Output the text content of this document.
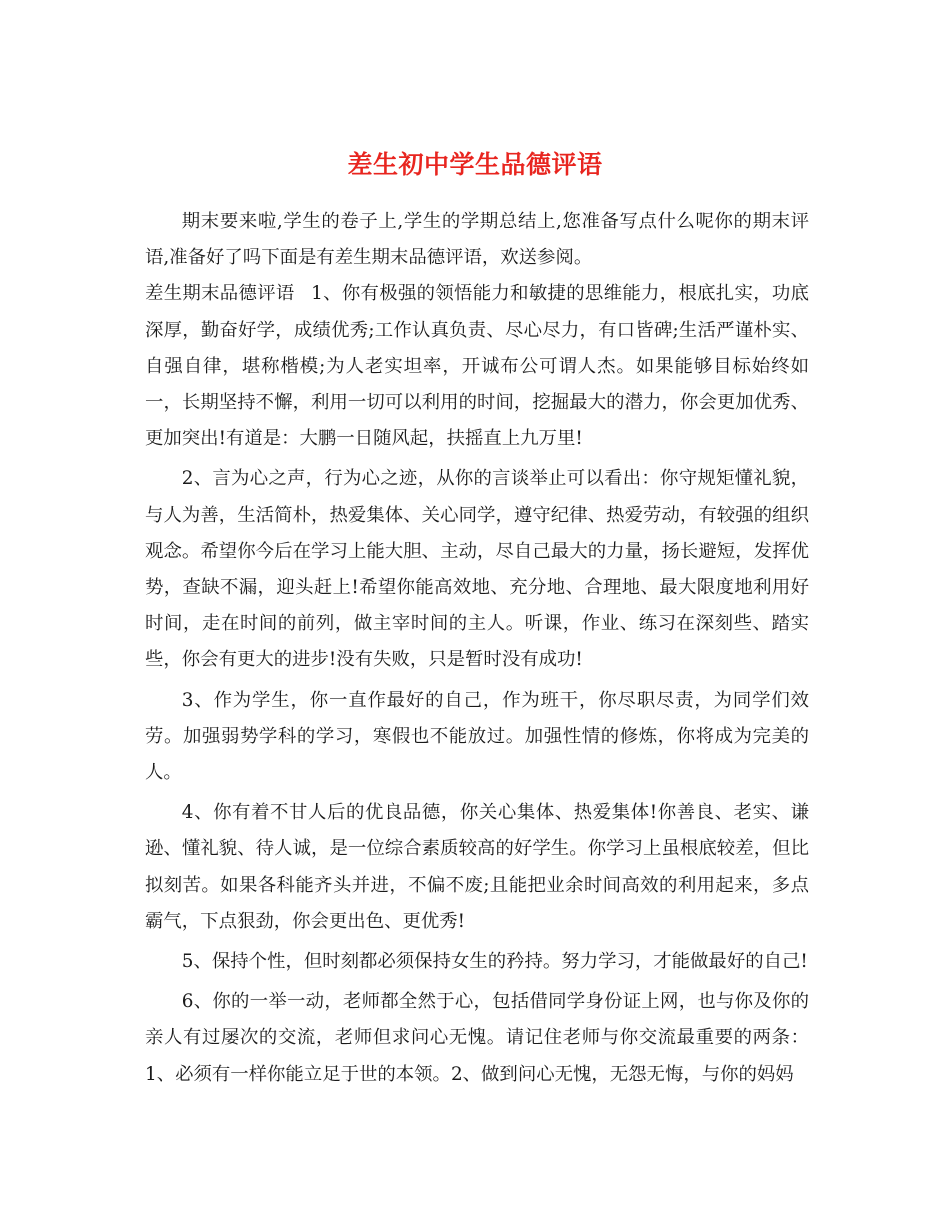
差生初中学生品德评语

期末要来啦,学生的卷子上,学生的学期总结上,您准备写点什么呢你的期末评语,准备好了吗下面是有差生期末品德评语，欢送参阅。

差生期末品德评语 1、你有极强的领悟能力和敏捷的思维能力，根底扎实，功底深厚，勤奋好学，成绩优秀;工作认真负责、尽心尽力，有口皆碑;生活严谨朴实、自强自律，堪称楷模;为人老实坦率，开诚布公可谓人杰。如果能够目标始终如一，长期坚持不懈，利用一切可以利用的时间，挖掘最大的潜力，你会更加优秀、更加突出!有道是：大鹏一日随风起，扶摇直上九万里!

2、言为心之声，行为心之迹，从你的言谈举止可以看出：你守规矩懂礼貌，与人为善，生活简朴，热爱集体、关心同学，遵守纪律、热爱劳动，有较强的组织观念。希望你今后在学习上能大胆、主动，尽自己最大的力量，扬长避短，发挥优势，查缺不漏，迎头赶上!希望你能高效地、充分地、合理地、最大限度地利用好时间，走在时间的前列，做主宰时间的主人。听课，作业、练习在深刻些、踏实些，你会有更大的进步!没有失败，只是暂时没有成功!

3、作为学生，你一直作最好的自己，作为班干，你尽职尽责，为同学们效劳。加强弱势学科的学习，寒假也不能放过。加强性情的修炼，你将成为完美的人。

4、你有着不甘人后的优良品德，你关心集体、热爱集体!你善良、老实、谦逊、懂礼貌、待人诚，是一位综合素质较高的好学生。你学习上虽根底较差，但比拟刻苦。如果各科能齐头并进，不偏不废;且能把业余时间高效的利用起来，多点霸气，下点狠劲，你会更出色、更优秀!

5、保持个性，但时刻都必须保持女生的矜持。努力学习，才能做最好的自己!

6、你的一举一动，老师都全然于心，包括借同学身份证上网，也与你及你的亲人有过屡次的交流，老师但求问心无愧。请记住老师与你交流最重要的两条：1、必须有一样你能立足于世的本领。2、做到问心无愧，无怨无悔，与你的妈妈
